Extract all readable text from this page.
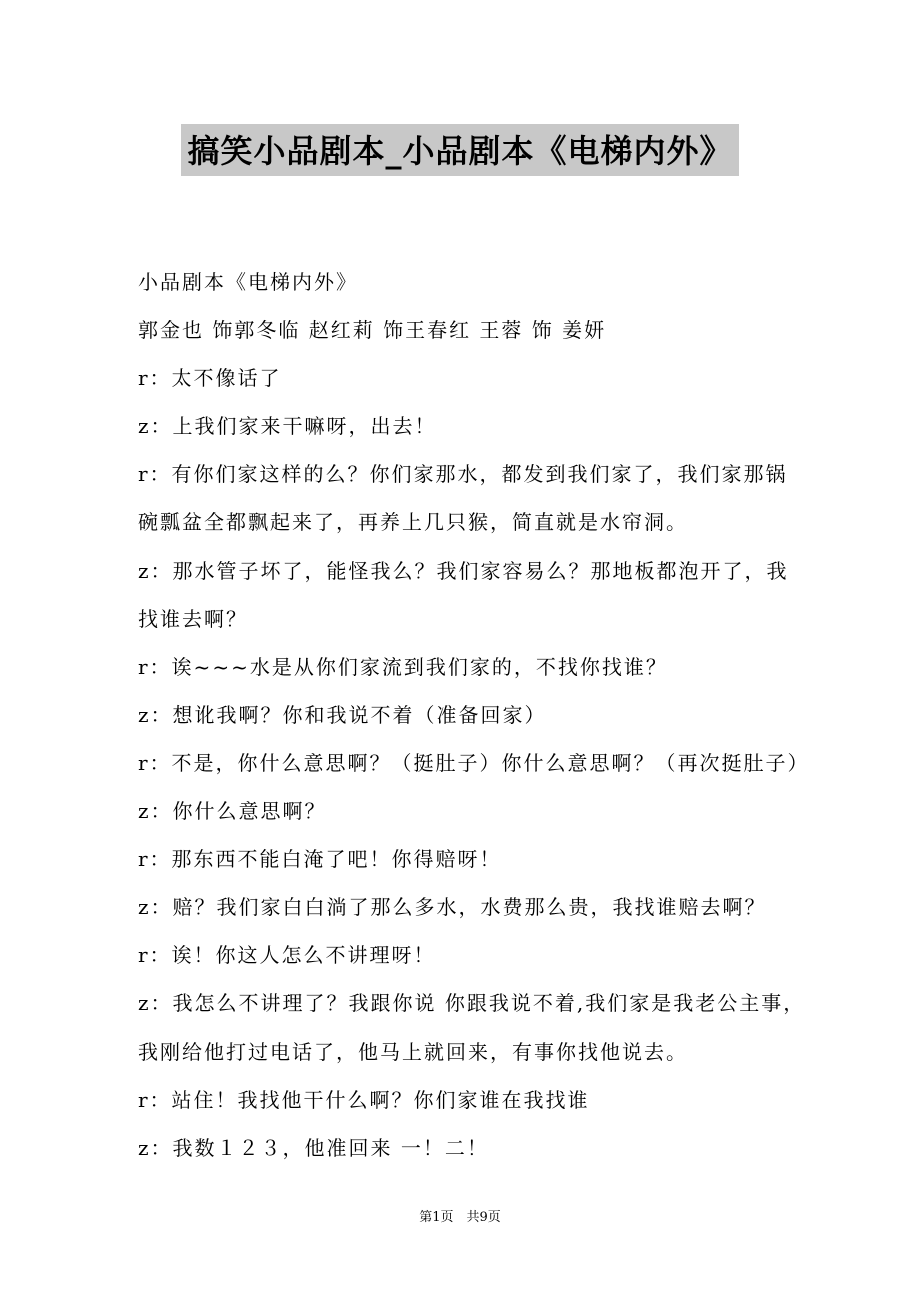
搞笑小品剧本_小品剧本《电梯内外》
小品剧本《电梯内外》
郭金也 饰郭冬临 赵红莉 饰王春红 王蓉 饰 姜妍
r：太不像话了
z：上我们家来干嘛呀，出去！
r：有你们家这样的么？你们家那水，都发到我们家了，我们家那锅
碗瓢盆全都飘起来了，再养上几只猴，简直就是水帘洞。
z：那水管子坏了，能怪我么？我们家容易么？那地板都泡开了，我
找谁去啊？
r：诶~~~水是从你们家流到我们家的，不找你找谁？
z：想讹我啊？你和我说不着（准备回家）
r：不是，你什么意思啊？（挺肚子）你什么意思啊？（再次挺肚子）
z：你什么意思啊？
r：那东西不能白淹了吧！你得赔呀！
z：赔？我们家白白淌了那么多水，水费那么贵，我找谁赔去啊？
r：诶！你这人怎么不讲理呀！
z：我怎么不讲理了？我跟你说 你跟我说不着,我们家是我老公主事，
我刚给他打过电话了，他马上就回来，有事你找他说去。
r：站住！我找他干什么啊？你们家谁在我找谁
z：我数１２３，他准回来 一！二！
第1页　共9页
